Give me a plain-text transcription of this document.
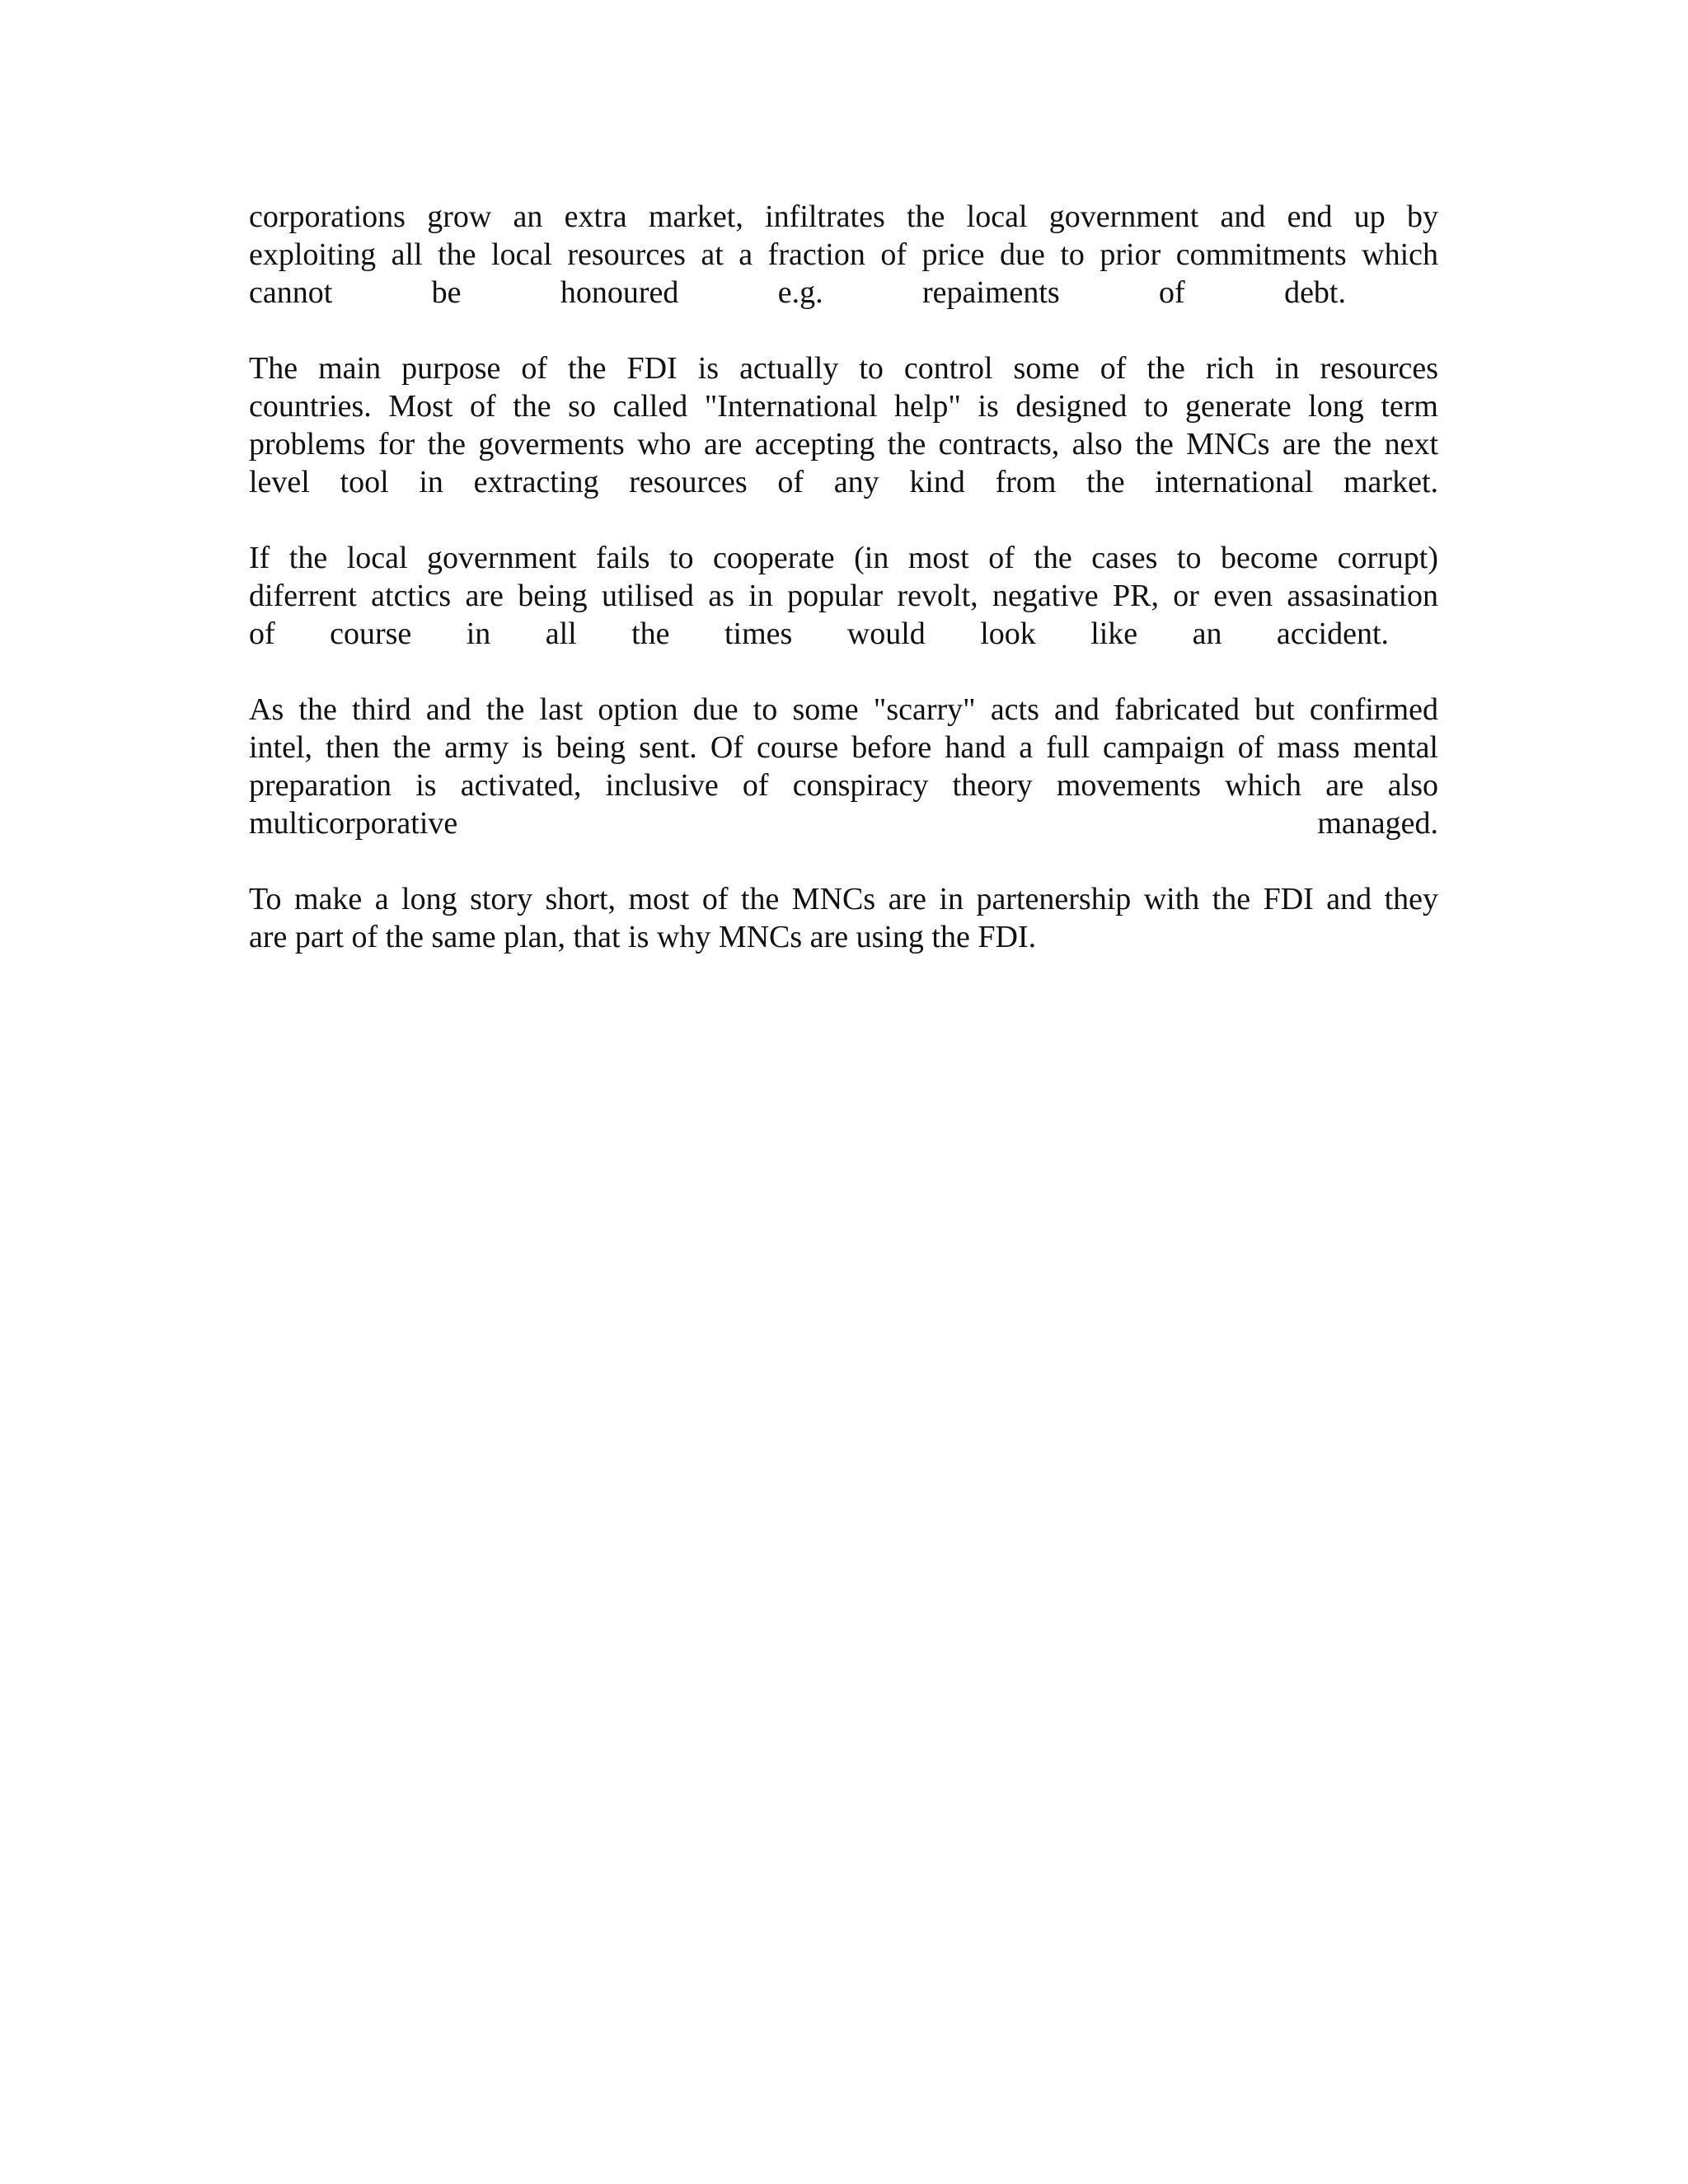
corporations grow an extra market, infiltrates the local government and end up by
exploiting all the local resources at a fraction of price due to prior commitments which
cannot be honoured e.g. repaiments of debt.

The main purpose of the FDI is actually to control some of the rich in resources
countries. Most of the so called "International help" is designed to generate long term
problems for the goverments who are accepting the contracts, also the MNCs are the next
level tool in extracting resources of any kind from the international market.

If the local government fails to cooperate (in most of the cases to become corrupt)
diferrent atctics are being utilised as in popular revolt, negative PR, or even assasination
of course in all the times would look like an accident.

As the third and the last option due to some "scarry" acts and fabricated but confirmed
intel, then the army is being sent. Of course before hand a full campaign of mass mental
preparation is activated, inclusive of conspiracy theory movements which are also
multicorporative managed.

To make a long story short, most of the MNCs are in partenership with the FDI and they
are part of the same plan, that is why MNCs are using the FDI.
